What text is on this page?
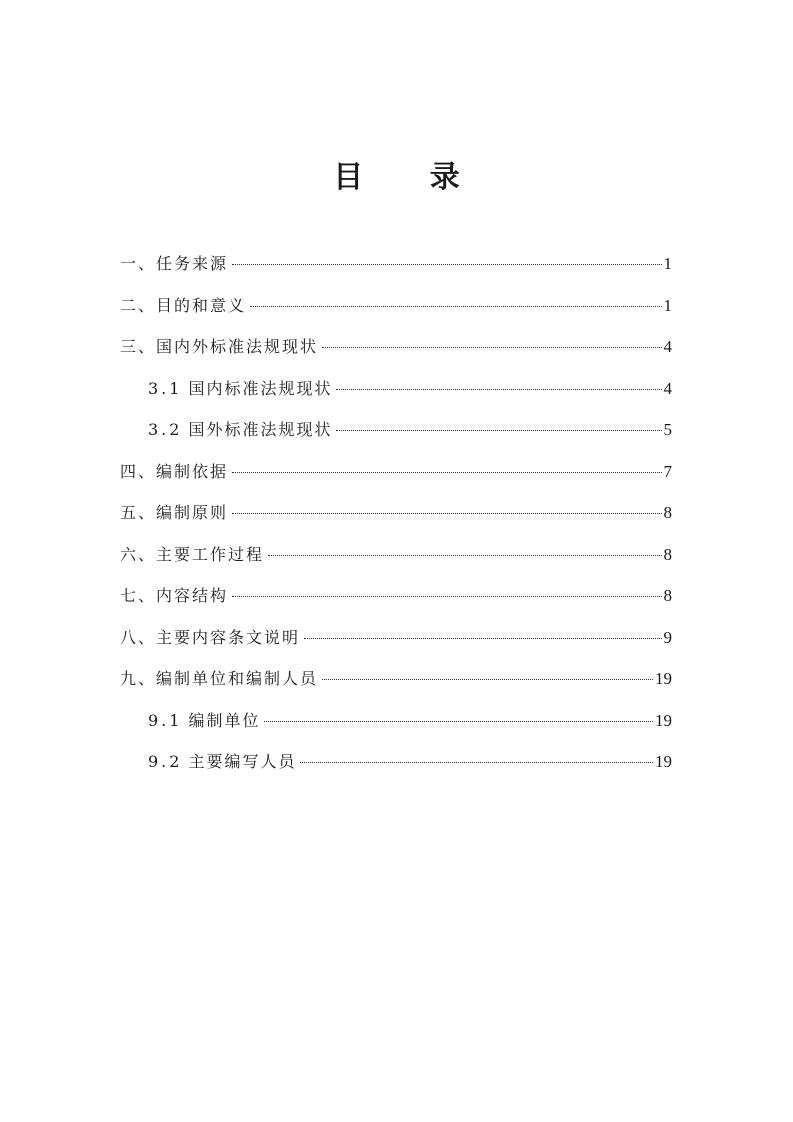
目 录
一、任务来源	1
二、目的和意义	1
三、国内外标准法规现状	4
3.1 国内标准法规现状	4
3.2 国外标准法规现状	5
四、编制依据	7
五、编制原则	8
六、主要工作过程	8
七、内容结构	8
八、主要内容条文说明	9
九、编制单位和编制人员	19
9.1 编制单位	19
9.2 主要编写人员	19
